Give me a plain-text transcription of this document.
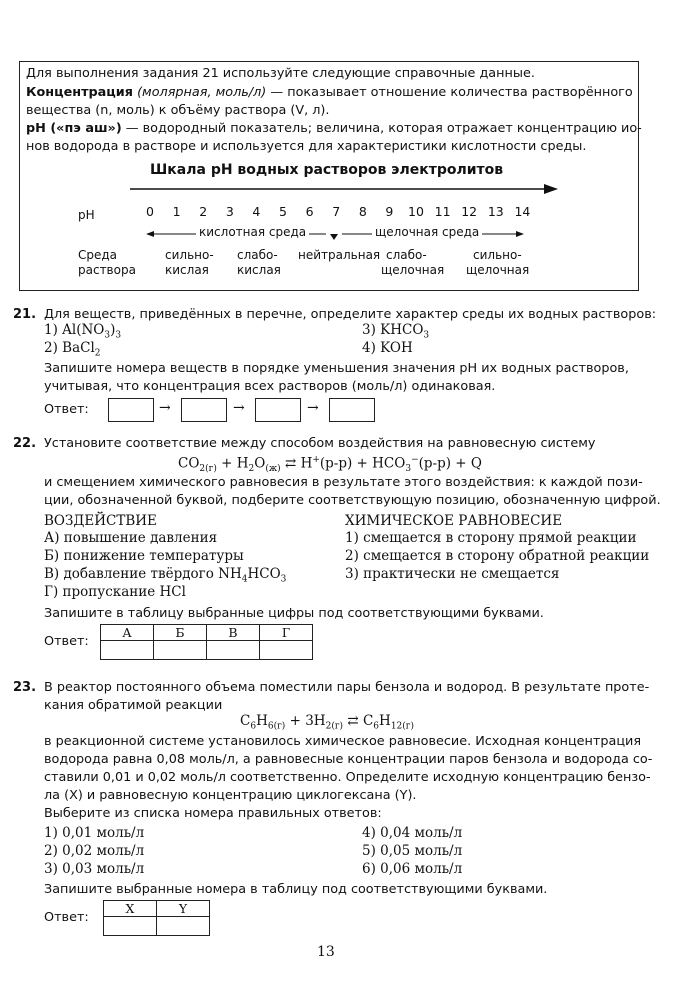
Для выполнения задания 21 используйте следующие справочные данные.
Концентрация (молярная, моль/л) — показывает отношение количества растворённого
вещества (n, моль) к объёму раствора (V, л).
pH («пэ аш») — водородный показатель; величина, которая отражает концентрацию ио-
нов водорода в растворе и используется для характеристики кислотности среды.
Шкала pH водных растворов электролитов
pH	0	1	2	3	4	5	6	7	8	9	10 11 12 13 14
кислотная среда	щелочная среда
Среда
раствора
сильно-
кислая
слабо-
кислая
нейтральная слабо-
щелочная
сильно-
щелочная
21. Для веществ, приведённых в перечне, определите характер среды их водных растворов:
1) $Al(NO_3)_3$
2) BaCl$_2$
3) $KHCO_3$
4) KOH
Запишите номера веществ в порядке уменьшения значения pH их водных растворов,
учитывая, что концентрация всех растворов (моль/л) одинаковая.
Ответ:	→	→	→
22. Установите соответствие между способом воздействия на равновесную систему
$CO_{2(г)} + H_2O_{(ж)}$ ⇄ $H^+(р-р) + HCO_3^-(р-р) + Q$
и смещением химического равновесия в результате этого воздействия: к каждой пози-
ции, обозначенной буквой, подберите соответствующую позицию, обозначенную цифрой.
ВОЗДЕЙСТВИЕ	ХИМИЧЕСКОЕ РАВНОВЕСИЕ
А) повышение давления
Б) понижение температуры
В) добавление твёрдого $NH_4HCO_3$
Г) пропускание HCl
1) смещается в сторону прямой реакции
2) смещается в сторону обратной реакции
3) практически не смещается
Запишите в таблицу выбранные цифры под соответствующими буквами.
Ответ:
А	Б	В	Г

23. В реактор постоянного объема поместили пары бензола и водород. В результате проте-
кания обратимой реакции
$C_6H_{6(г)} + 3H_{2(г)}$ ⇄ $C_6H_{12(г)}$
в реакционной системе установилось химическое равновесие. Исходная концентрация
водорода равна 0,08 моль/л, а равновесные концентрации паров бензола и водорода со-
ставили 0,01 и 0,02 моль/л соответственно. Определите исходную концентрацию бензо-
ла (X) и равновесную концентрацию циклогексана (Y).
Выберите из списка номера правильных ответов:
1) 0,01 моль/л
2) 0,02 моль/л
3) 0,03 моль/л
4) 0,04 моль/л
5) 0,05 моль/л
6) 0,06 моль/л
Запишите выбранные номера в таблицу под соответствующими буквами.
Ответ:
X	Y

13
